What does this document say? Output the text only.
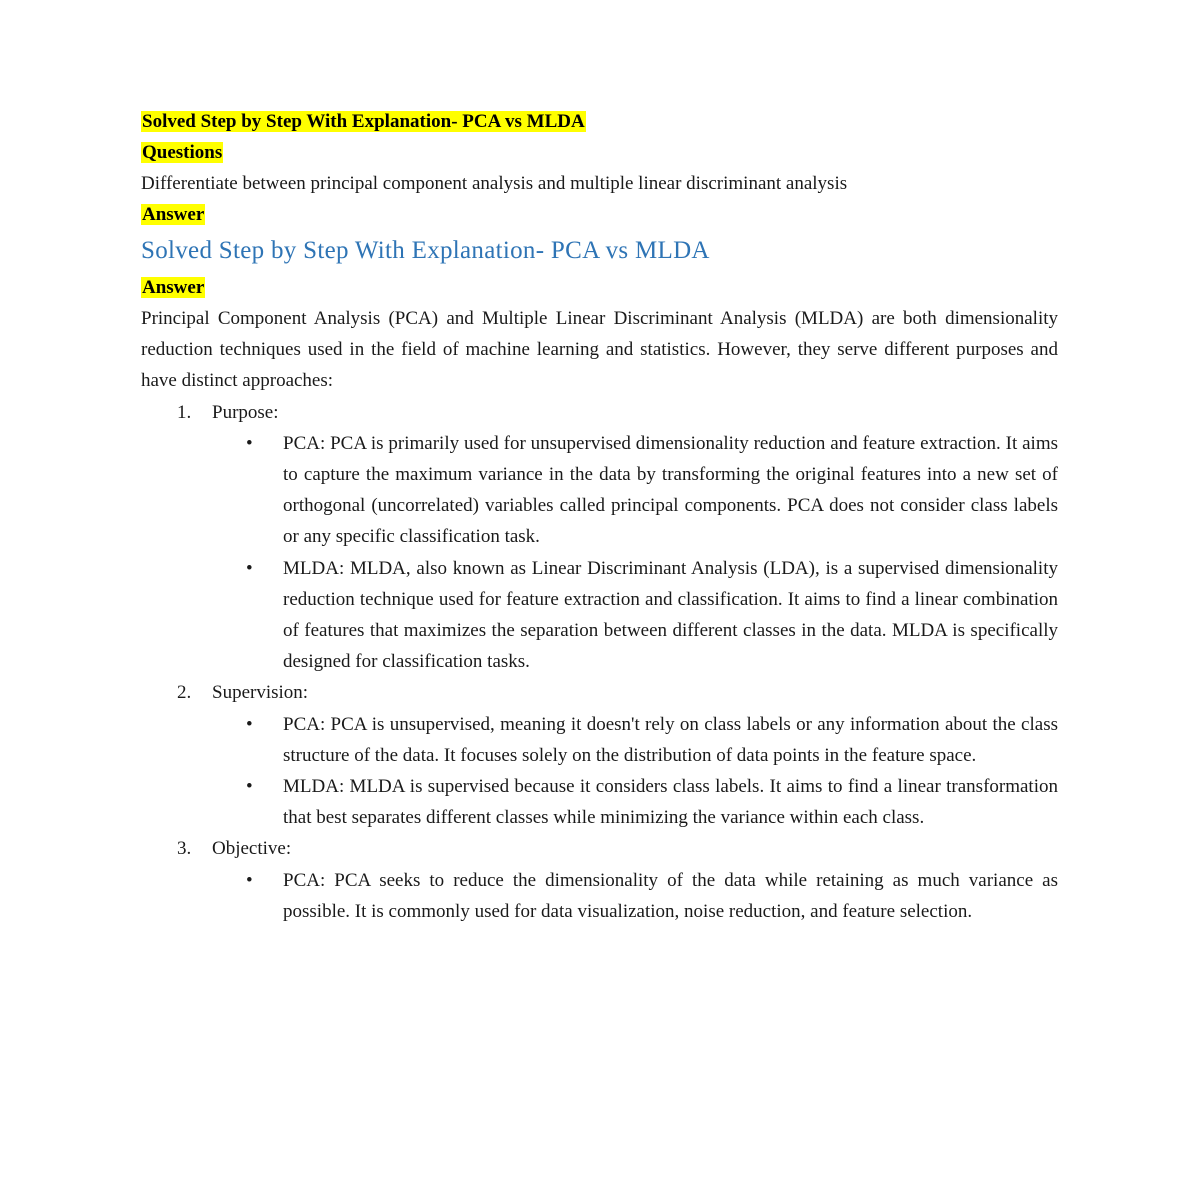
Solved Step by Step With Explanation- PCA vs MLDA

Questions

Differentiate between principal component analysis and multiple linear discriminant analysis

Answer

Solved Step by Step With Explanation- PCA vs MLDA

Answer

Principal Component Analysis (PCA) and Multiple Linear Discriminant Analysis (MLDA) are both dimensionality reduction techniques used in the field of machine learning and statistics. However, they serve different purposes and have distinct approaches:

1. Purpose:
• PCA: PCA is primarily used for unsupervised dimensionality reduction and feature extraction. It aims to capture the maximum variance in the data by transforming the original features into a new set of orthogonal (uncorrelated) variables called principal components. PCA does not consider class labels or any specific classification task.
• MLDA: MLDA, also known as Linear Discriminant Analysis (LDA), is a supervised dimensionality reduction technique used for feature extraction and classification. It aims to find a linear combination of features that maximizes the separation between different classes in the data. MLDA is specifically designed for classification tasks.
2. Supervision:
• PCA: PCA is unsupervised, meaning it doesn't rely on class labels or any information about the class structure of the data. It focuses solely on the distribution of data points in the feature space.
• MLDA: MLDA is supervised because it considers class labels. It aims to find a linear transformation that best separates different classes while minimizing the variance within each class.
3. Objective:
• PCA: PCA seeks to reduce the dimensionality of the data while retaining as much variance as possible. It is commonly used for data visualization, noise reduction, and feature selection.
